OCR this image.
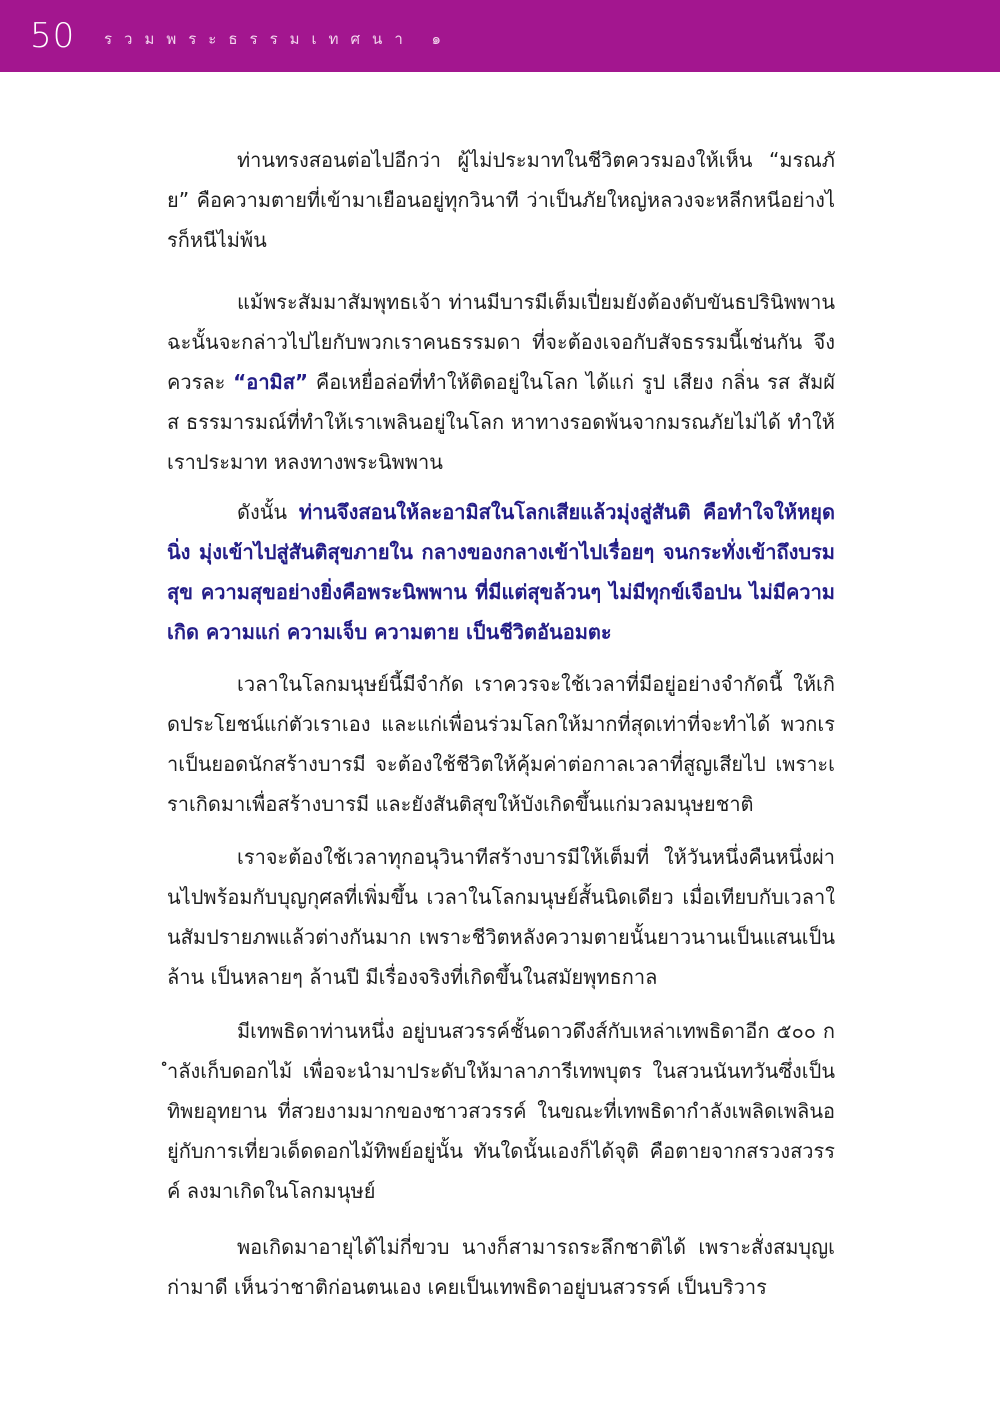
50 รวมพระธรรมเทศนา ๑

ท่านทรงสอนต่อไปอีกว่า ผู้ไม่ประมาทในชีวิตควรมองให้เห็น “มรณภัย” คือความตายที่เข้ามาเยือนอยู่ทุกวินาที ว่าเป็นภัยใหญ่หลวงจะหลีกหนีอย่างไรก็หนีไม่พ้น

แม้พระสัมมาสัมพุทธเจ้า ท่านมีบารมีเต็มเปี่ยมยังต้องดับขันธปรินิพพาน ฉะนั้นจะกล่าวไปไยกับพวกเราคนธรรมดา ที่จะต้องเจอกับสัจธรรมนี้เช่นกัน จึงควรละ “อามิส” คือเหยื่อล่อที่ทำให้ติดอยู่ในโลก ได้แก่ รูป เสียง กลิ่น รส สัมผัส ธรรมารมณ์ที่ทำให้เราเพลินอยู่ในโลก หาทางรอดพ้นจากมรณภัยไม่ได้ ทำให้เราประมาท หลงทางพระนิพพาน

ดังนั้น ท่านจึงสอนให้ละอามิสในโลกเสียแล้วมุ่งสู่สันติ คือทำใจให้หยุดนิ่ง มุ่งเข้าไปสู่สันติสุขภายใน กลางของกลางเข้าไปเรื่อยๆ จนกระทั่งเข้าถึงบรมสุข ความสุขอย่างยิ่งคือพระนิพพาน ที่มีแต่สุขล้วนๆ ไม่มีทุกข์เจือปน ไม่มีความเกิด ความแก่ ความเจ็บ ความตาย เป็นชีวิตอันอมตะ

เวลาในโลกมนุษย์นี้มีจำกัด เราควรจะใช้เวลาที่มีอยู่อย่างจำกัดนี้ ให้เกิดประโยชน์แก่ตัวเราเอง และแก่เพื่อนร่วมโลกให้มากที่สุดเท่าที่จะทำได้ พวกเราเป็นยอดนักสร้างบารมี จะต้องใช้ชีวิตให้คุ้มค่าต่อกาลเวลาที่สูญเสียไป เพราะเราเกิดมาเพื่อสร้างบารมี และยังสันติสุขให้บังเกิดขึ้นแก่มวลมนุษยชาติ

เราจะต้องใช้เวลาทุกอนุวินาทีสร้างบารมีให้เต็มที่ ให้วันหนึ่งคืนหนึ่งผ่านไปพร้อมกับบุญกุศลที่เพิ่มขึ้น เวลาในโลกมนุษย์สั้นนิดเดียว เมื่อเทียบกับเวลาในสัมปรายภพแล้วต่างกันมาก เพราะชีวิตหลังความตายนั้นยาวนานเป็นแสนเป็นล้าน เป็นหลายๆ ล้านปี มีเรื่องจริงที่เกิดขึ้นในสมัยพุทธกาล

มีเทพธิดาท่านหนึ่ง อยู่บนสวรรค์ชั้นดาวดึงส์กับเหล่าเทพธิดาอีก ๕๐๐ กำลังเก็บดอกไม้ เพื่อจะนำมาประดับให้มาลาภารีเทพบุตร ในสวนนันทวันซึ่งเป็นทิพยอุทยาน ที่สวยงามมากของชาวสวรรค์ ในขณะที่เทพธิดากำลังเพลิดเพลินอยู่กับการเที่ยวเด็ดดอกไม้ทิพย์อยู่นั้น ทันใดนั้นเองก็ได้จุติ คือตายจากสรวงสวรรค์ ลงมาเกิดในโลกมนุษย์

พอเกิดมาอายุได้ไม่กี่ขวบ นางก็สามารถระลึกชาติได้ เพราะสั่งสมบุญเก่ามาดี เห็นว่าชาติก่อนตนเอง เคยเป็นเทพธิดาอยู่บนสวรรค์ เป็นบริวาร
